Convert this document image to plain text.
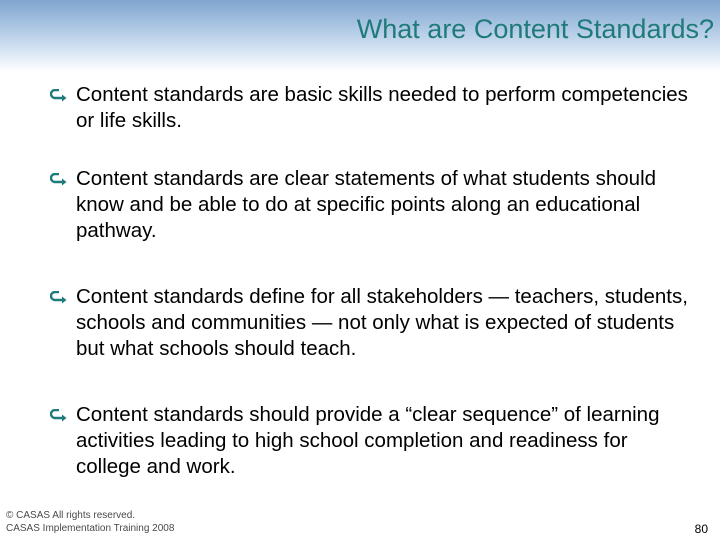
What are Content Standards?
Content standards are basic skills needed to perform competencies or life skills.
Content standards are clear statements of what students should know and be able to do at specific points along an educational pathway.
Content standards define for all stakeholders — teachers, students, schools and communities — not only what is expected of students but what schools should teach.
Content standards should provide a “clear sequence” of learning activities leading to high school completion and readiness for college and work.
© CASAS All rights reserved.
CASAS Implementation Training 2008	80
